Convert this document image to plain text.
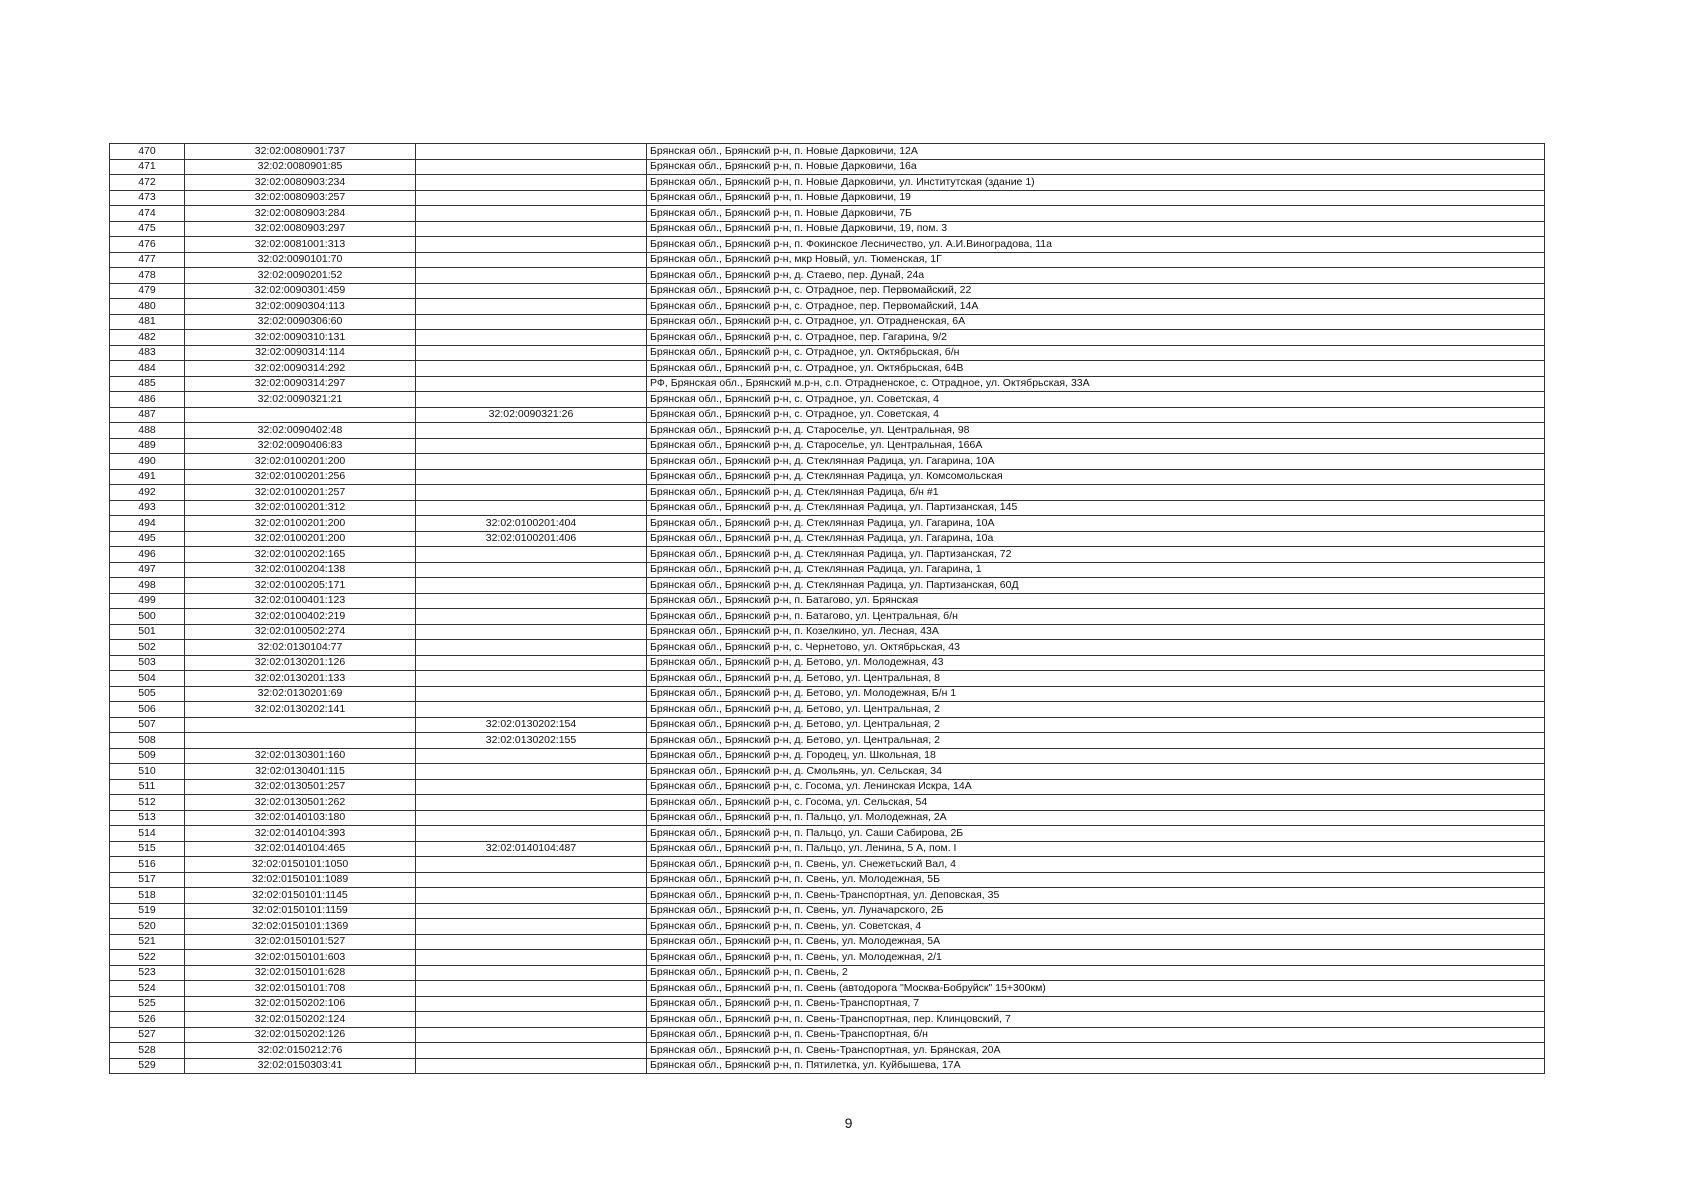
470	32:02:0080901:737		Брянская обл., Брянский р-н, п. Новые Дарковичи, 12А
471	32:02:0080901:85		Брянская обл., Брянский р-н, п. Новые Дарковичи, 16а
472	32:02:0080903:234		Брянская обл., Брянский р-н, п. Новые Дарковичи, ул. Институтская (здание 1)
473	32:02:0080903:257		Брянская обл., Брянский р-н, п. Новые Дарковичи, 19
474	32:02:0080903:284		Брянская обл., Брянский р-н, п. Новые Дарковичи, 7Б
475	32:02:0080903:297		Брянская обл., Брянский р-н, п. Новые Дарковичи, 19, пом. 3
476	32:02:0081001:313		Брянская обл., Брянский р-н, п. Фокинское Лесничество, ул. А.И.Виноградова, 11а
477	32:02:0090101:70		Брянская обл., Брянский р-н, мкр Новый, ул. Тюменская, 1Г
478	32:02:0090201:52		Брянская обл., Брянский р-н, д. Стаево, пер. Дунай, 24а
479	32:02:0090301:459		Брянская обл., Брянский р-н, с. Отрадное, пер. Первомайский, 22
480	32:02:0090304:113		Брянская обл., Брянский р-н, с. Отрадное, пер. Первомайский, 14А
481	32:02:0090306:60		Брянская обл., Брянский р-н, с. Отрадное, ул. Отрадненская, 6А
482	32:02:0090310:131		Брянская обл., Брянский р-н, с. Отрадное, пер. Гагарина, 9/2
483	32:02:0090314:114		Брянская обл., Брянский р-н, с. Отрадное, ул. Октябрьская, б/н
484	32:02:0090314:292		Брянская обл., Брянский р-н, с. Отрадное, ул. Октябрьская, 64В
485	32:02:0090314:297		РФ, Брянская обл., Брянский м.р-н, с.п. Отрадненское, с. Отрадное, ул. Октябрьская, 33А
486	32:02:0090321:21		Брянская обл., Брянский р-н, с. Отрадное, ул. Советская, 4
487		32:02:0090321:26	Брянская обл., Брянский р-н, с. Отрадное, ул. Советская, 4
488	32:02:0090402:48		Брянская обл., Брянский р-н, д. Староселье, ул. Центральная, 98
489	32:02:0090406:83		Брянская обл., Брянский р-н, д. Староселье, ул. Центральная, 166А
490	32:02:0100201:200		Брянская обл., Брянский р-н, д. Стеклянная Радица, ул. Гагарина, 10А
491	32:02:0100201:256		Брянская обл., Брянский р-н, д. Стеклянная Радица, ул. Комсомольская
492	32:02:0100201:257		Брянская обл., Брянский р-н, д. Стеклянная Радица, б/н #1
493	32:02:0100201:312		Брянская обл., Брянский р-н, д. Стеклянная Радица, ул. Партизанская, 145
494	32:02:0100201:200	32:02:0100201:404	Брянская обл., Брянский р-н, д. Стеклянная Радица, ул. Гагарина, 10А
495	32:02:0100201:200	32:02:0100201:406	Брянская обл., Брянский р-н, д. Стеклянная Радица, ул. Гагарина, 10а
496	32:02:0100202:165		Брянская обл., Брянский р-н, д. Стеклянная Радица, ул. Партизанская, 72
497	32:02:0100204:138		Брянская обл., Брянский р-н, д. Стеклянная Радица, ул. Гагарина, 1
498	32:02:0100205:171		Брянская обл., Брянский р-н, д. Стеклянная Радица, ул. Партизанская, 60Д
499	32:02:0100401:123		Брянская обл., Брянский р-н, п. Батагово, ул. Брянская
500	32:02:0100402:219		Брянская обл., Брянский р-н, п. Батагово, ул. Центральная, б/н
501	32:02:0100502:274		Брянская обл., Брянский р-н, п. Козелкино, ул. Лесная, 43А
502	32:02:0130104:77		Брянская обл., Брянский р-н, с. Чернетово, ул. Октябрьская, 43
503	32:02:0130201:126		Брянская обл., Брянский р-н, д. Бетово, ул. Молодежная, 43
504	32:02:0130201:133		Брянская обл., Брянский р-н, д. Бетово, ул. Центральная, 8
505	32:02:0130201:69		Брянская обл., Брянский р-н, д. Бетово, ул. Молодежная, Б/н 1
506	32:02:0130202:141		Брянская обл., Брянский р-н, д. Бетово, ул. Центральная, 2
507		32:02:0130202:154	Брянская обл., Брянский р-н, д. Бетово, ул. Центральная, 2
508		32:02:0130202:155	Брянская обл., Брянский р-н, д. Бетово, ул. Центральная, 2
509	32:02:0130301:160		Брянская обл., Брянский р-н, д. Городец, ул. Школьная, 18
510	32:02:0130401:115		Брянская обл., Брянский р-н, д. Смольянь, ул. Сельская, 34
511	32:02:0130501:257		Брянская обл., Брянский р-н, с. Госома, ул. Ленинская Искра, 14А
512	32:02:0130501:262		Брянская обл., Брянский р-н, с. Госома, ул. Сельская, 54
513	32:02:0140103:180		Брянская обл., Брянский р-н, п. Пальцо, ул. Молодежная, 2А
514	32:02:0140104:393		Брянская обл., Брянский р-н, п. Пальцо, ул. Саши Сабирова, 2Б
515	32:02:0140104:465	32:02:0140104:487	Брянская обл., Брянский р-н, п. Пальцо, ул. Ленина, 5 А, пом. I
516	32:02:0150101:1050		Брянская обл., Брянский р-н, п. Свень, ул. Снежетьский Вал, 4
517	32:02:0150101:1089		Брянская обл., Брянский р-н, п. Свень, ул. Молодежная, 5Б
518	32:02:0150101:1145		Брянская обл., Брянский р-н, п. Свень-Транспортная, ул. Деповская, 35
519	32:02:0150101:1159		Брянская обл., Брянский р-н, п. Свень, ул. Луначарского, 2Б
520	32:02:0150101:1369		Брянская обл., Брянский р-н, п. Свень, ул. Советская, 4
521	32:02:0150101:527		Брянская обл., Брянский р-н, п. Свень, ул. Молодежная, 5А
522	32:02:0150101:603		Брянская обл., Брянский р-н, п. Свень, ул. Молодежная, 2/1
523	32:02:0150101:628		Брянская обл., Брянский р-н, п. Свень, 2
524	32:02:0150101:708		Брянская обл., Брянский р-н, п. Свень (автодорога "Москва-Бобруйск" 15+300км)
525	32:02:0150202:106		Брянская обл., Брянский р-н, п. Свень-Транспортная, 7
526	32:02:0150202:124		Брянская обл., Брянский р-н, п. Свень-Транспортная, пер. Клинцовский, 7
527	32:02:0150202:126		Брянская обл., Брянский р-н, п. Свень-Транспортная, б/н
528	32:02:0150212:76		Брянская обл., Брянский р-н, п. Свень-Транспортная, ул. Брянская, 20А
529	32:02:0150303:41		Брянская обл., Брянский р-н, п. Пятилетка, ул. Куйбышева, 17А
9
